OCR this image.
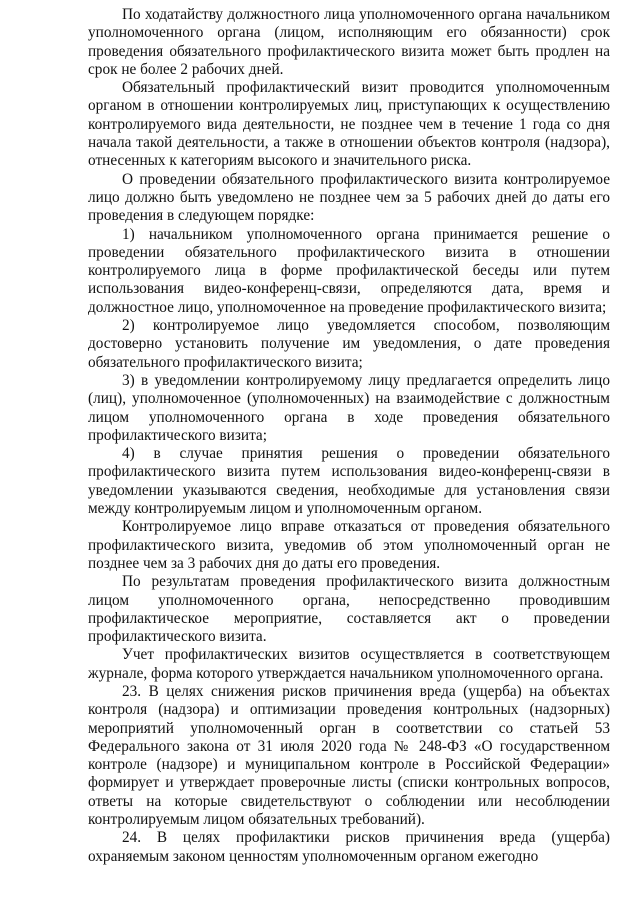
По ходатайству должностного лица уполномоченного органа начальником уполномоченного органа (лицом, исполняющим его обязанности) срок проведения обязательного профилактического визита может быть продлен на срок не более 2 рабочих дней.

Обязательный профилактический визит проводится уполномоченным органом в отношении контролируемых лиц, приступающих к осуществлению контролируемого вида деятельности, не позднее чем в течение 1 года со дня начала такой деятельности, а также в отношении объектов контроля (надзора), отнесенных к категориям высокого и значительного риска.

О проведении обязательного профилактического визита контролируемое лицо должно быть уведомлено не позднее чем за 5 рабочих дней до даты его проведения в следующем порядке:

1) начальником уполномоченного органа принимается решение о проведении обязательного профилактического визита в отношении контролируемого лица в форме профилактической беседы или путем использования видео-конференц-связи, определяются дата, время и должностное лицо, уполномоченное на проведение профилактического визита;

2) контролируемое лицо уведомляется способом, позволяющим достоверно установить получение им уведомления, о дате проведения обязательного профилактического визита;

3) в уведомлении контролируемому лицу предлагается определить лицо (лиц), уполномоченное (уполномоченных) на взаимодействие с должностным лицом уполномоченного органа в ходе проведения обязательного профилактического визита;

4) в случае принятия решения о проведении обязательного профилактического визита путем использования видео-конференц-связи в уведомлении указываются сведения, необходимые для установления связи между контролируемым лицом и уполномоченным органом.

Контролируемое лицо вправе отказаться от проведения обязательного профилактического визита, уведомив об этом уполномоченный орган не позднее чем за 3 рабочих дня до даты его проведения.

По результатам проведения профилактического визита должностным лицом уполномоченного органа, непосредственно проводившим профилактическое мероприятие, составляется акт о проведении профилактического визита.

Учет профилактических визитов осуществляется в соответствующем журнале, форма которого утверждается начальником уполномоченного органа.

23. В целях снижения рисков причинения вреда (ущерба) на объектах контроля (надзора) и оптимизации проведения контрольных (надзорных) мероприятий уполномоченный орган в соответствии со статьей 53 Федерального закона от 31 июля 2020 года № 248-ФЗ «О государственном контроле (надзоре) и муниципальном контроле в Российской Федерации» формирует и утверждает проверочные листы (списки контрольных вопросов, ответы на которые свидетельствуют о соблюдении или несоблюдении контролируемым лицом обязательных требований).

24. В целях профилактики рисков причинения вреда (ущерба) охраняемым законом ценностям уполномоченным органом ежегодно
